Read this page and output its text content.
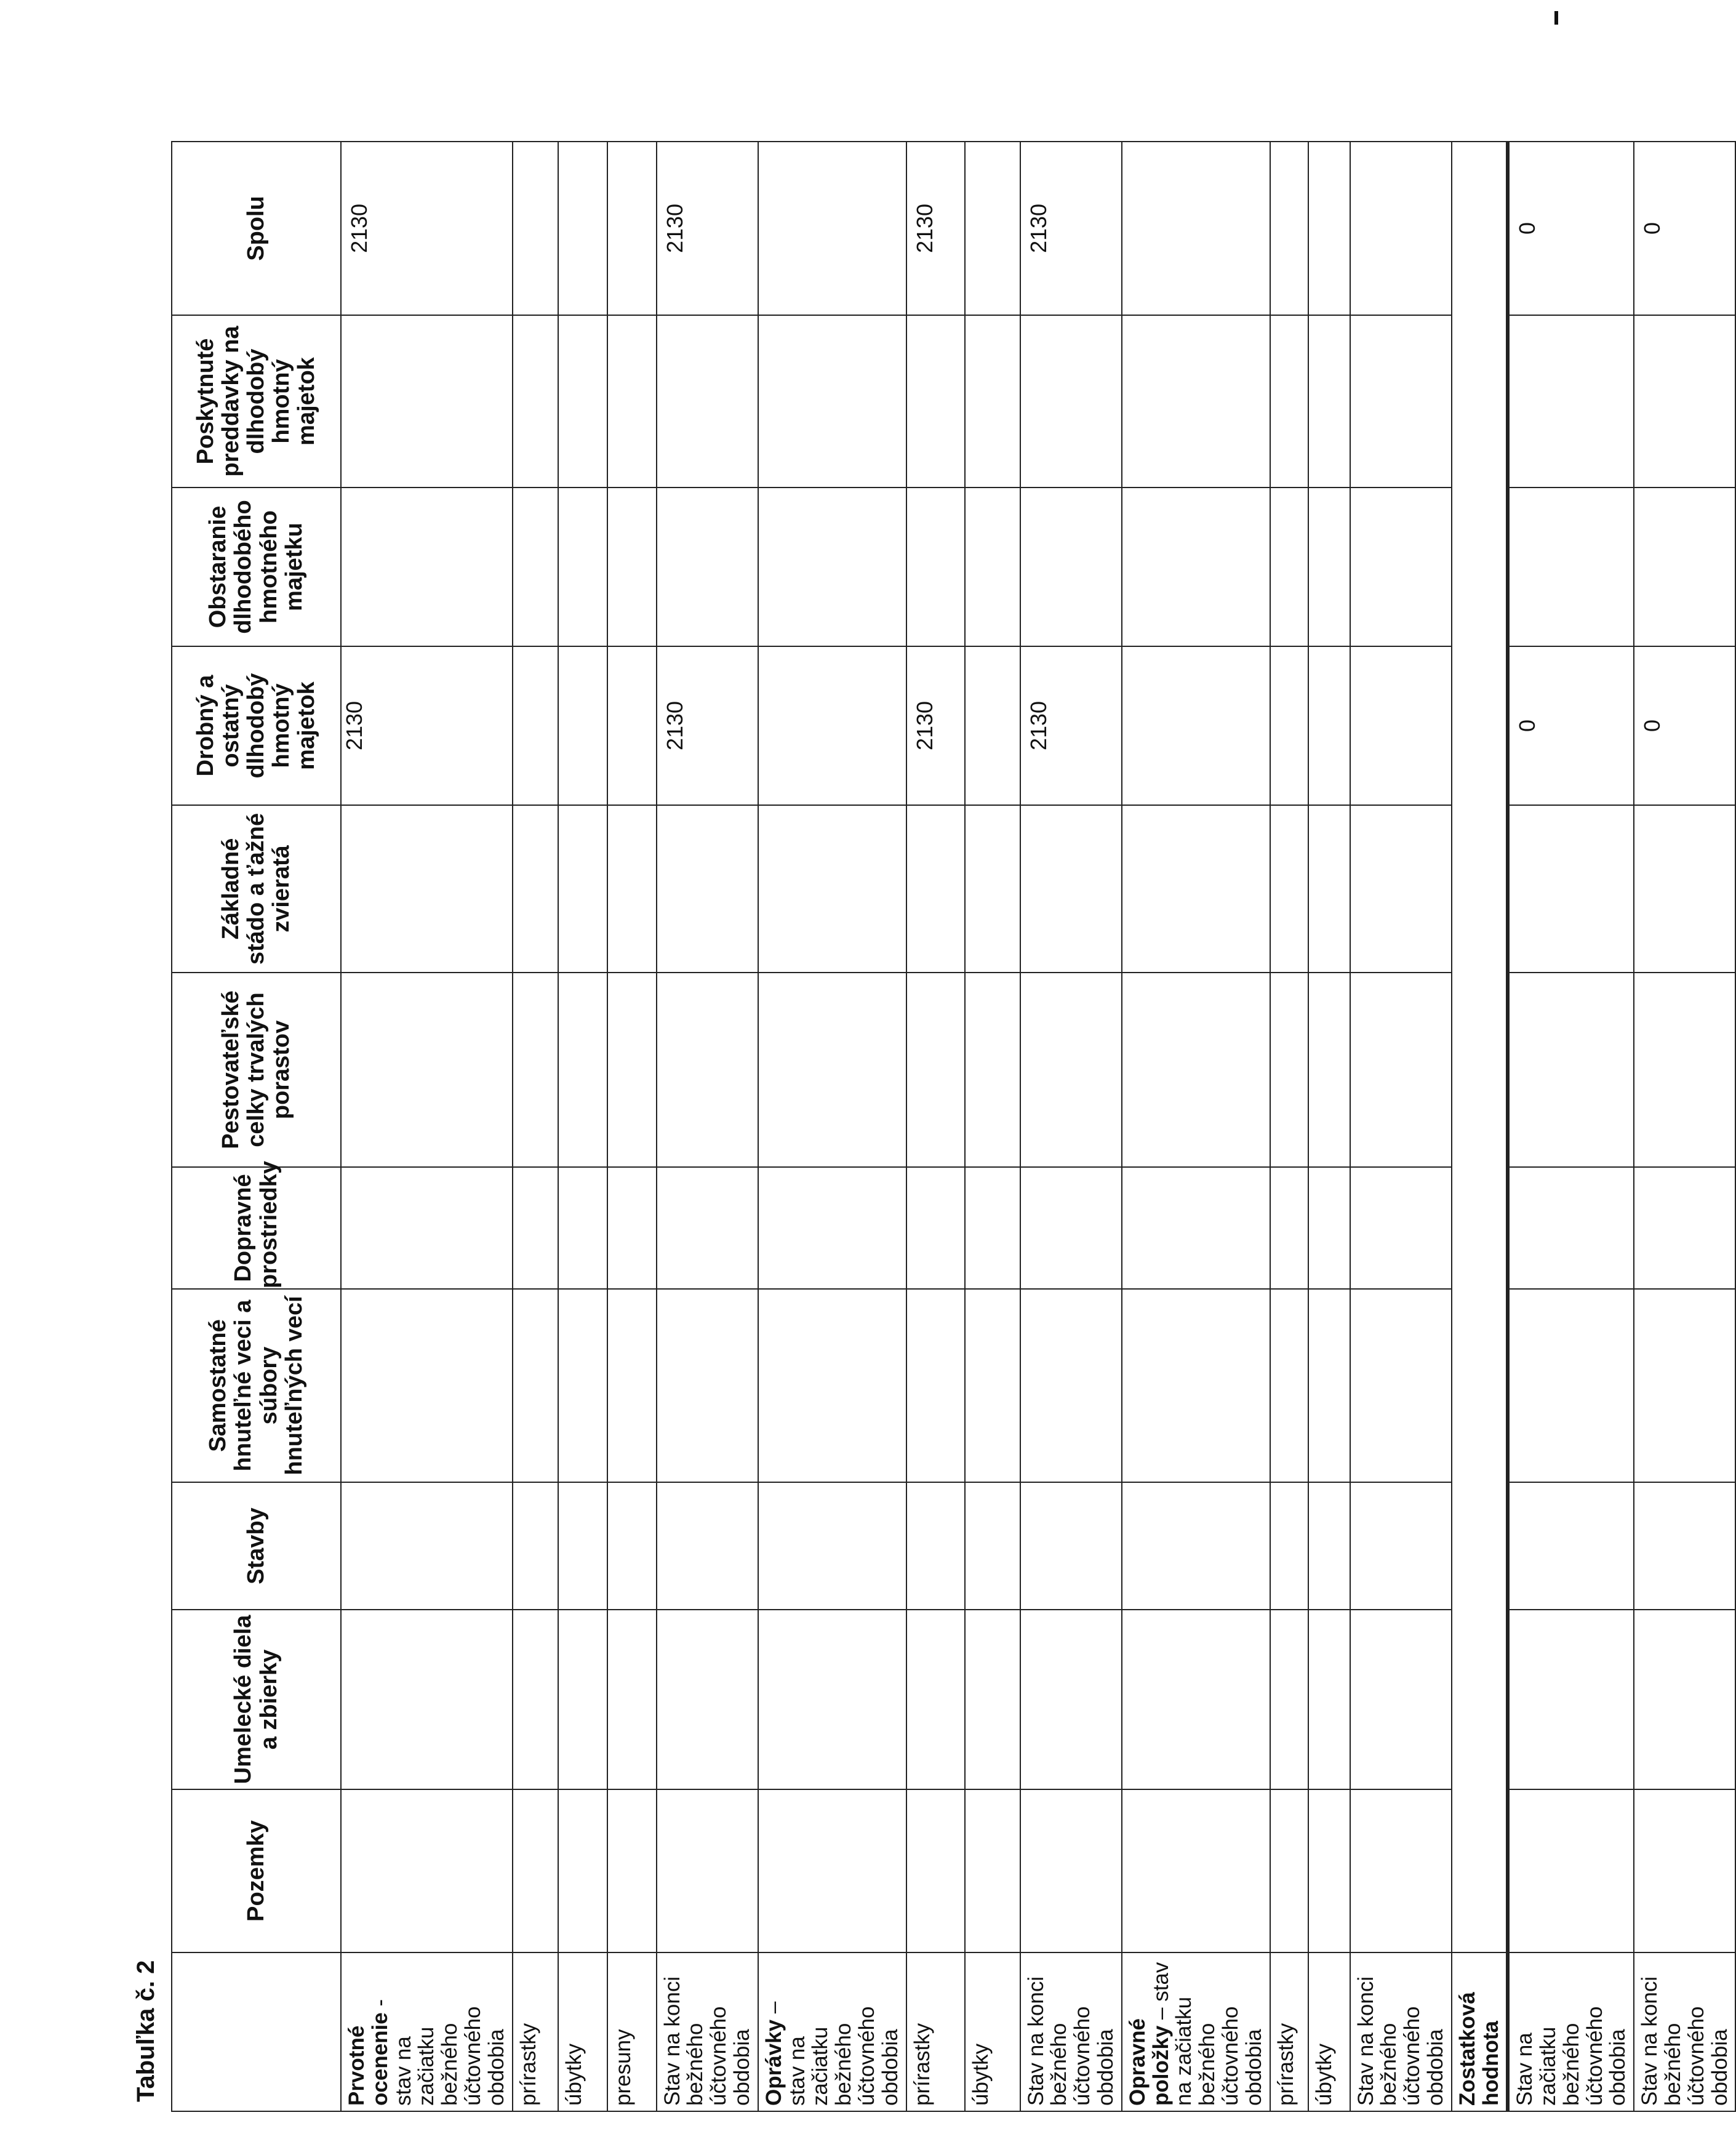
Tabuľka č. 2

	Pozemky	Umelecké diela a zbierky	Stavby	Samostatné hnuteľné veci a súbory hnuteľných vecí	Dopravné prostriedky	Pestovateľské celky trvalých porastov	Základné stádo a ťažné zvieratá	Drobný a ostatný dlhodobý hmotný majetok	Obstaranie dlhodobého hmotného majetku	Poskytnuté preddavky na dlhodobý hmotný majetok	Spolu
Prvotné ocenenie - stav na začiatku bežného účtovného obdobia								2130			2130
prírastky											
úbytky											
presuny											
Stav na konci bežného účtovného obdobia								2130			2130
Oprávky – stav na začiatku bežného účtovného obdobia											
prírastky								2130			2130
úbytky											
Stav na konci bežného účtovného obdobia								2130			2130
Opravné položky – stav na začiatku bežného účtovného obdobia											
prírastky											
úbytky											
Stav na konci bežného účtovného obdobia											
Zostatková hodnota											
Stav na začiatku bežného účtovného obdobia								0			0
Stav na konci bežného účtovného obdobia								0			0
